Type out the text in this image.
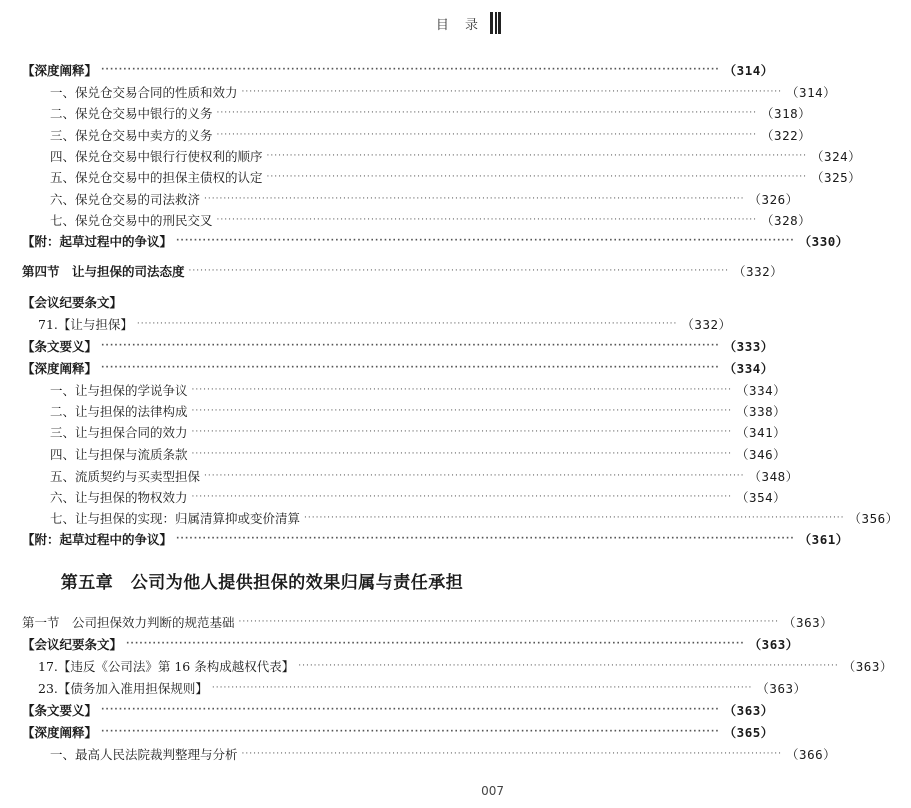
目 录
【深度阐释】 ············································································································································ （314）
一、保兑仓交易合同的性质和效力 ············································································································································ （314）
二、保兑仓交易中银行的义务 ············································································································································ （318）
三、保兑仓交易中卖方的义务 ············································································································································ （322）
四、保兑仓交易中银行行使权利的顺序 ············································································································································ （324）
五、保兑仓交易中的担保主债权的认定 ············································································································································ （325）
六、保兑仓交易的司法救济 ············································································································································ （326）
七、保兑仓交易中的刑民交叉 ············································································································································ （328）
【附：起草过程中的争议】 ············································································································································ （330）
第四节　让与担保的司法态度 ············································································································································ （332）
【会议纪要条文】
71.【让与担保】 ············································································································································ （332）
【条文要义】 ············································································································································ （333）
【深度阐释】 ············································································································································ （334）
一、让与担保的学说争议 ············································································································································ （334）
二、让与担保的法律构成 ············································································································································ （338）
三、让与担保合同的效力 ············································································································································ （341）
四、让与担保与流质条款 ············································································································································ （346）
五、流质契约与买卖型担保 ············································································································································ （348）
六、让与担保的物权效力 ············································································································································ （354）
七、让与担保的实现：归属清算抑或变价清算 ············································································································································ （356）
【附：起草过程中的争议】 ············································································································································ （361）
第一节　公司担保效力判断的规范基础 ············································································································································ （363）
【会议纪要条文】 ············································································································································ （363）
17.【违反《公司法》第 16 条构成越权代表】 ············································································································································ （363）
23.【债务加入准用担保规则】 ············································································································································ （363）
【条文要义】 ············································································································································ （363）
【深度阐释】 ············································································································································ （365）
一、最高人民法院裁判整理与分析 ············································································································································ （366）
第五章　公司为他人提供担保的效果归属与责任承担
007
